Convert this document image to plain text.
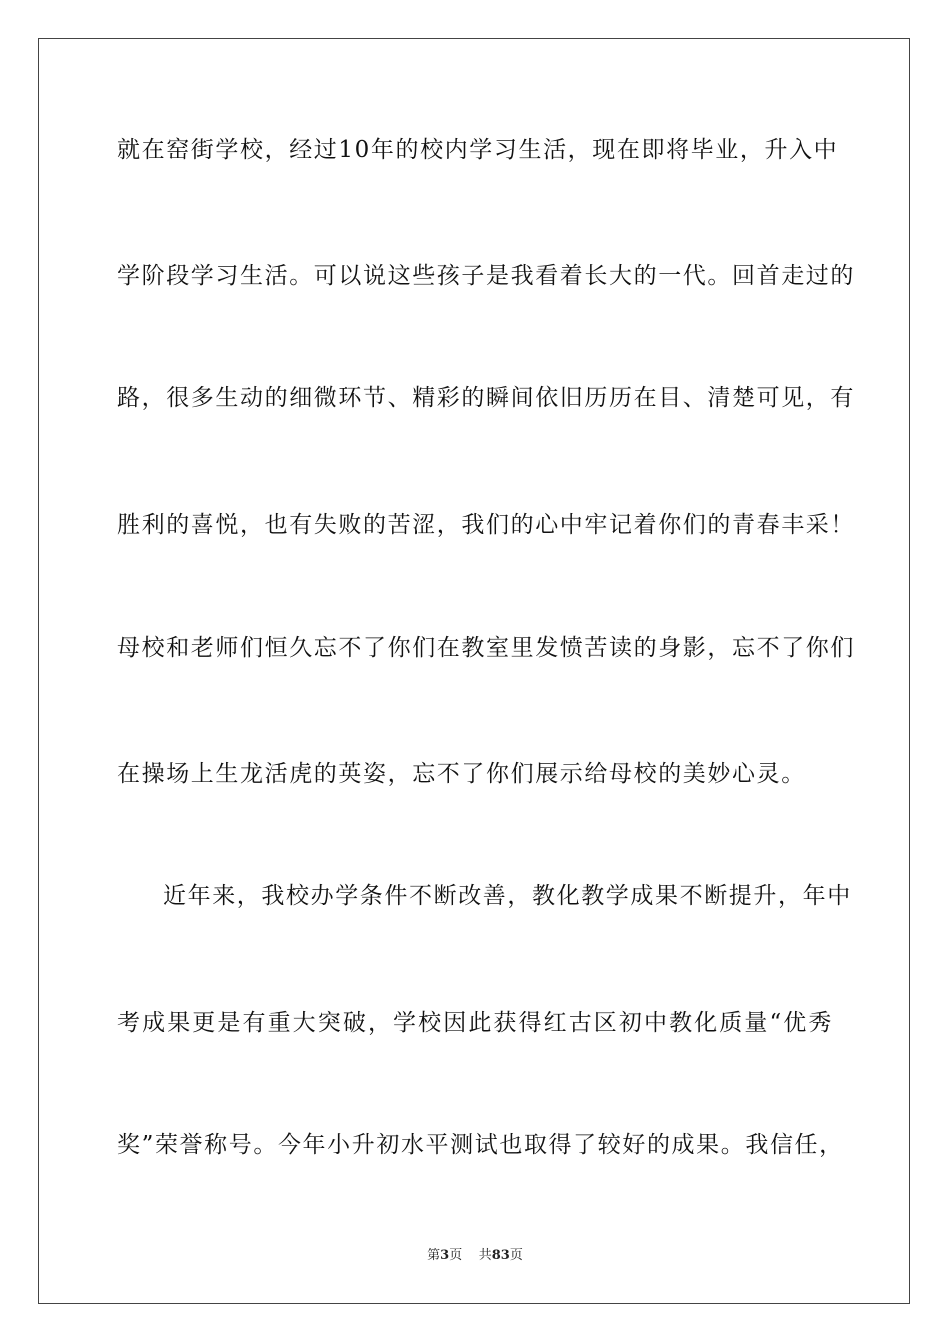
就在窑街学校，经过10年的校内学习生活，现在即将毕业，升入中
学阶段学习生活。可以说这些孩子是我看着长大的一代。回首走过的
路，很多生动的细微环节、精彩的瞬间依旧历历在目、清楚可见，有
胜利的喜悦，也有失败的苦涩，我们的心中牢记着你们的青春丰采！
母校和老师们恒久忘不了你们在教室里发愤苦读的身影，忘不了你们
在操场上生龙活虎的英姿，忘不了你们展示给母校的美妙心灵。
近年来，我校办学条件不断改善，教化教学成果不断提升，年中
考成果更是有重大突破，学校因此获得红古区初中教化质量“优秀
奖”荣誉称号。今年小升初水平测试也取得了较好的成果。我信任，
第3页 共83页
